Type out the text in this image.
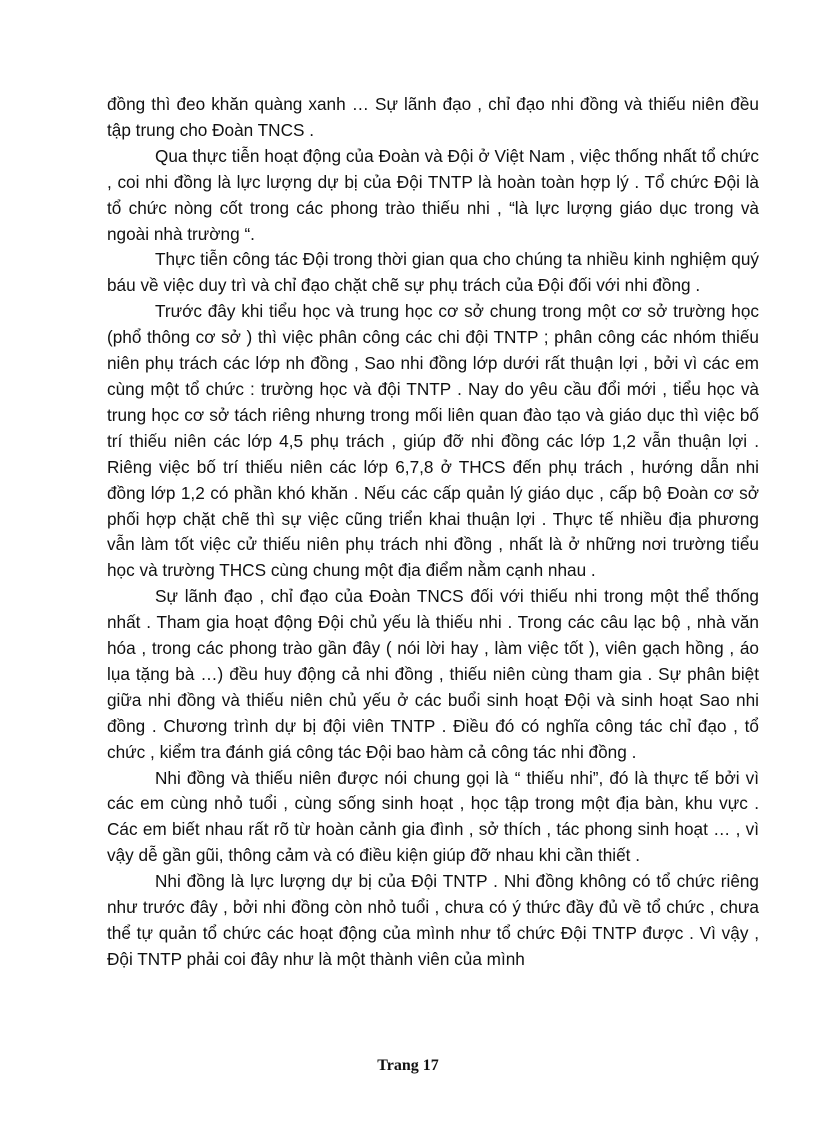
đồng thì đeo khăn quàng xanh … Sự lãnh đạo , chỉ đạo nhi đồng và thiếu niên đều tập trung cho Đoàn TNCS .

Qua thực tiễn hoạt động của Đoàn và Đội ở Việt Nam , việc thống nhất tổ chức , coi nhi đồng là lực lượng dự bị của Đội TNTP là hoàn toàn hợp lý . Tổ chức Đội là tổ chức nòng cốt trong các phong trào thiếu nhi , “là lực lượng giáo dục trong và ngoài nhà trường “.

Thực tiễn công tác Đội trong thời gian qua cho chúng ta nhiều kinh nghiệm quý báu về việc duy trì và chỉ đạo chặt chẽ sự phụ trách của Đội đối với nhi đồng .

Trước đây khi tiểu học và trung học cơ sở chung trong một cơ sở trường học (phổ thông cơ sở ) thì việc phân công các chi đội TNTP ; phân công các nhóm thiếu niên phụ trách các lớp nh đồng , Sao nhi đồng lớp dưới rất thuận lợi , bởi vì các em cùng một tổ chức : trường học và đội TNTP . Nay do yêu cầu đổi mới , tiểu học và trung học cơ sở tách riêng nhưng trong mối liên quan đào tạo và giáo dục thì việc bố trí thiếu niên các lớp 4,5 phụ trách , giúp đỡ nhi đồng các lớp 1,2 vẫn thuận lợi . Riêng việc bố trí thiếu niên các lớp 6,7,8 ở THCS đến phụ trách , hướng dẫn nhi đồng lớp 1,2 có phần khó khăn . Nếu các cấp quản lý giáo dục , cấp bộ Đoàn cơ sở phối hợp chặt chẽ thì sự việc cũng triển khai thuận lợi . Thực tế nhiều địa phương vẫn làm tốt việc cử thiếu niên phụ trách nhi đồng , nhất là ở những nơi trường tiểu học và trường THCS cùng chung một địa điểm nằm cạnh nhau .

Sự lãnh đạo , chỉ đạo của Đoàn TNCS đối với thiếu nhi trong một thể thống nhất . Tham gia hoạt động Đội chủ yếu là thiếu nhi . Trong các câu lạc bộ , nhà văn hóa , trong các phong trào gần đây ( nói lời hay , làm việc tốt ), viên gạch hồng , áo lụa tặng bà …) đều huy động cả nhi đồng , thiếu niên cùng tham gia . Sự phân biệt giữa nhi đồng và thiếu niên chủ yếu ở các buổi sinh hoạt Đội và sinh hoạt Sao nhi đồng . Chương trình dự bị đội viên TNTP . Điều đó có nghĩa công tác chỉ đạo , tổ chức , kiểm tra đánh giá công tác Đội bao hàm cả công tác nhi đồng .

Nhi đồng và thiếu niên được nói chung gọi là “ thiếu nhi”, đó là thực tế bởi vì các em cùng nhỏ tuổi , cùng sống sinh hoạt , học tập trong một địa bàn, khu vực . Các em biết nhau rất rõ từ hoàn cảnh gia đình , sở thích , tác phong sinh hoạt … , vì vậy dễ gần gũi, thông cảm và có điều kiện giúp đỡ nhau khi cần thiết .

Nhi đồng là lực lượng dự bị của Đội TNTP . Nhi đồng không có tổ chức riêng như trước đây , bởi nhi đồng còn nhỏ tuổi , chưa có ý thức đầy đủ về tổ chức , chưa thể tự quản tổ chức các hoạt động của mình như tổ chức Đội TNTP được . Vì vậy , Đội TNTP phải coi đây như là một thành viên của mình

Trang 17
